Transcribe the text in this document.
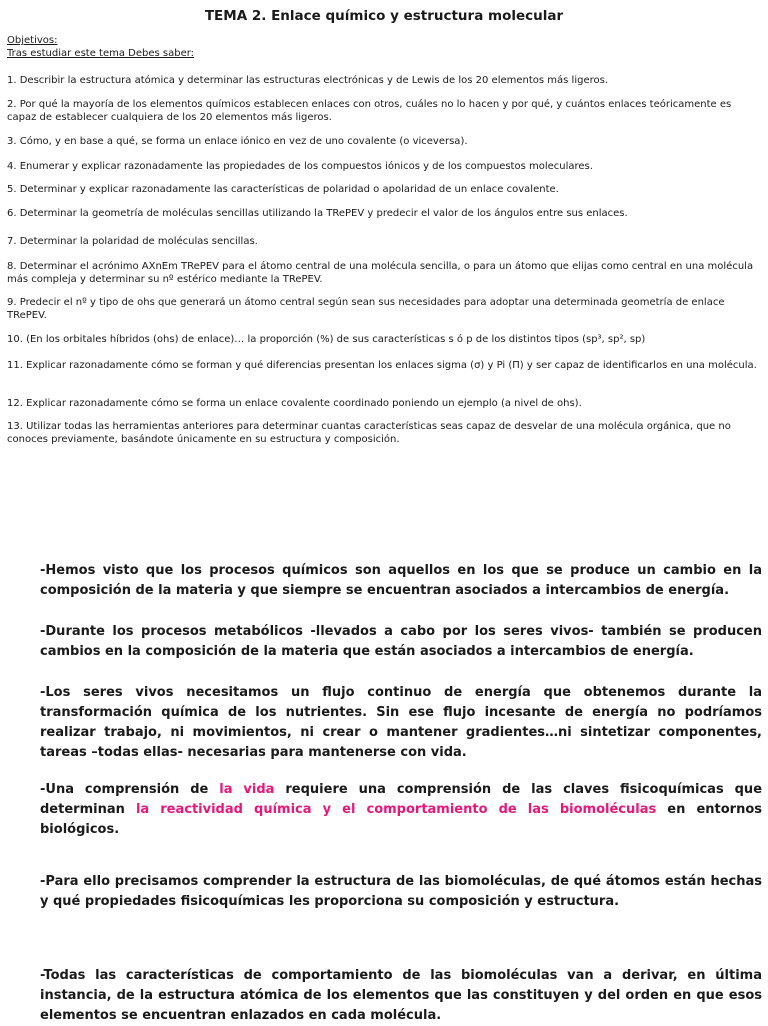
TEMA 2. Enlace químico y estructura molecular
Objetivos:
Tras estudiar este tema Debes saber:
1. Describir la estructura atómica y determinar las estructuras electrónicas y de Lewis de los 20 elementos más ligeros.
2. Por qué la mayoría de los elementos químicos establecen enlaces con otros, cuáles no lo hacen y por qué, y cuántos enlaces teóricamente es capaz de establecer cualquiera de los 20 elementos más ligeros.
3. Cómo, y en base a qué, se forma un enlace iónico en vez de uno covalente (o viceversa).
4. Enumerar y explicar razonadamente las propiedades de los compuestos iónicos y de los compuestos moleculares.
5. Determinar y explicar razonadamente las características de polaridad o apolaridad de un enlace covalente.
6. Determinar la geometría de moléculas sencillas utilizando la TRePEV y predecir el valor de los ángulos entre sus enlaces.
7. Determinar la polaridad de moléculas sencillas.
8. Determinar el acrónimo AXnEm TRePEV para el átomo central de una molécula sencilla, o para un átomo que elijas como central en una molécula más compleja y determinar su nº estérico mediante la TRePEV.
9. Predecir el nº y tipo de ohs que generará un átomo central según sean sus necesidades para adoptar una determinada geometría de enlace TRePEV.
10. (En los orbitales híbridos (ohs) de enlace)… la proporción (%) de sus características s ó p de los distintos tipos (sp³, sp², sp)
11. Explicar razonadamente cómo se forman y qué diferencias presentan los enlaces sigma (σ) y Pi (Π) y ser capaz de identificarlos en una molécula.
12. Explicar razonadamente cómo se forma un enlace covalente coordinado poniendo un ejemplo (a nivel de ohs).
13. Utilizar todas las herramientas anteriores para determinar cuantas características seas capaz de desvelar de una molécula orgánica, que no conoces previamente, basándote únicamente en su estructura y composición.
-Hemos visto que los procesos químicos son aquellos en los que se produce un cambio en la composición de la materia y que siempre se encuentran asociados a intercambios de energía.
-Durante los procesos metabólicos -llevados a cabo por los seres vivos- también se producen cambios en la composición de la materia que están asociados a intercambios de energía.
-Los seres vivos necesitamos un flujo continuo de energía que obtenemos durante la transformación química de los nutrientes. Sin ese flujo incesante de energía no podríamos realizar trabajo, ni movimientos, ni crear o mantener gradientes…ni sintetizar componentes, tareas –todas ellas- necesarias para mantenerse con vida.
-Una comprensión de la vida requiere una comprensión de las claves fisicoquímicas que determinan la reactividad química y el comportamiento de las biomoléculas en entornos biológicos.
-Para ello precisamos comprender la estructura de las biomoléculas, de qué átomos están hechas y qué propiedades fisicoquímicas les proporciona su composición y estructura.
-Todas las características de comportamiento de las biomoléculas van a derivar, en última instancia, de la estructura atómica de los elementos que las constituyen y del orden en que esos elementos se encuentran enlazados en cada molécula.
